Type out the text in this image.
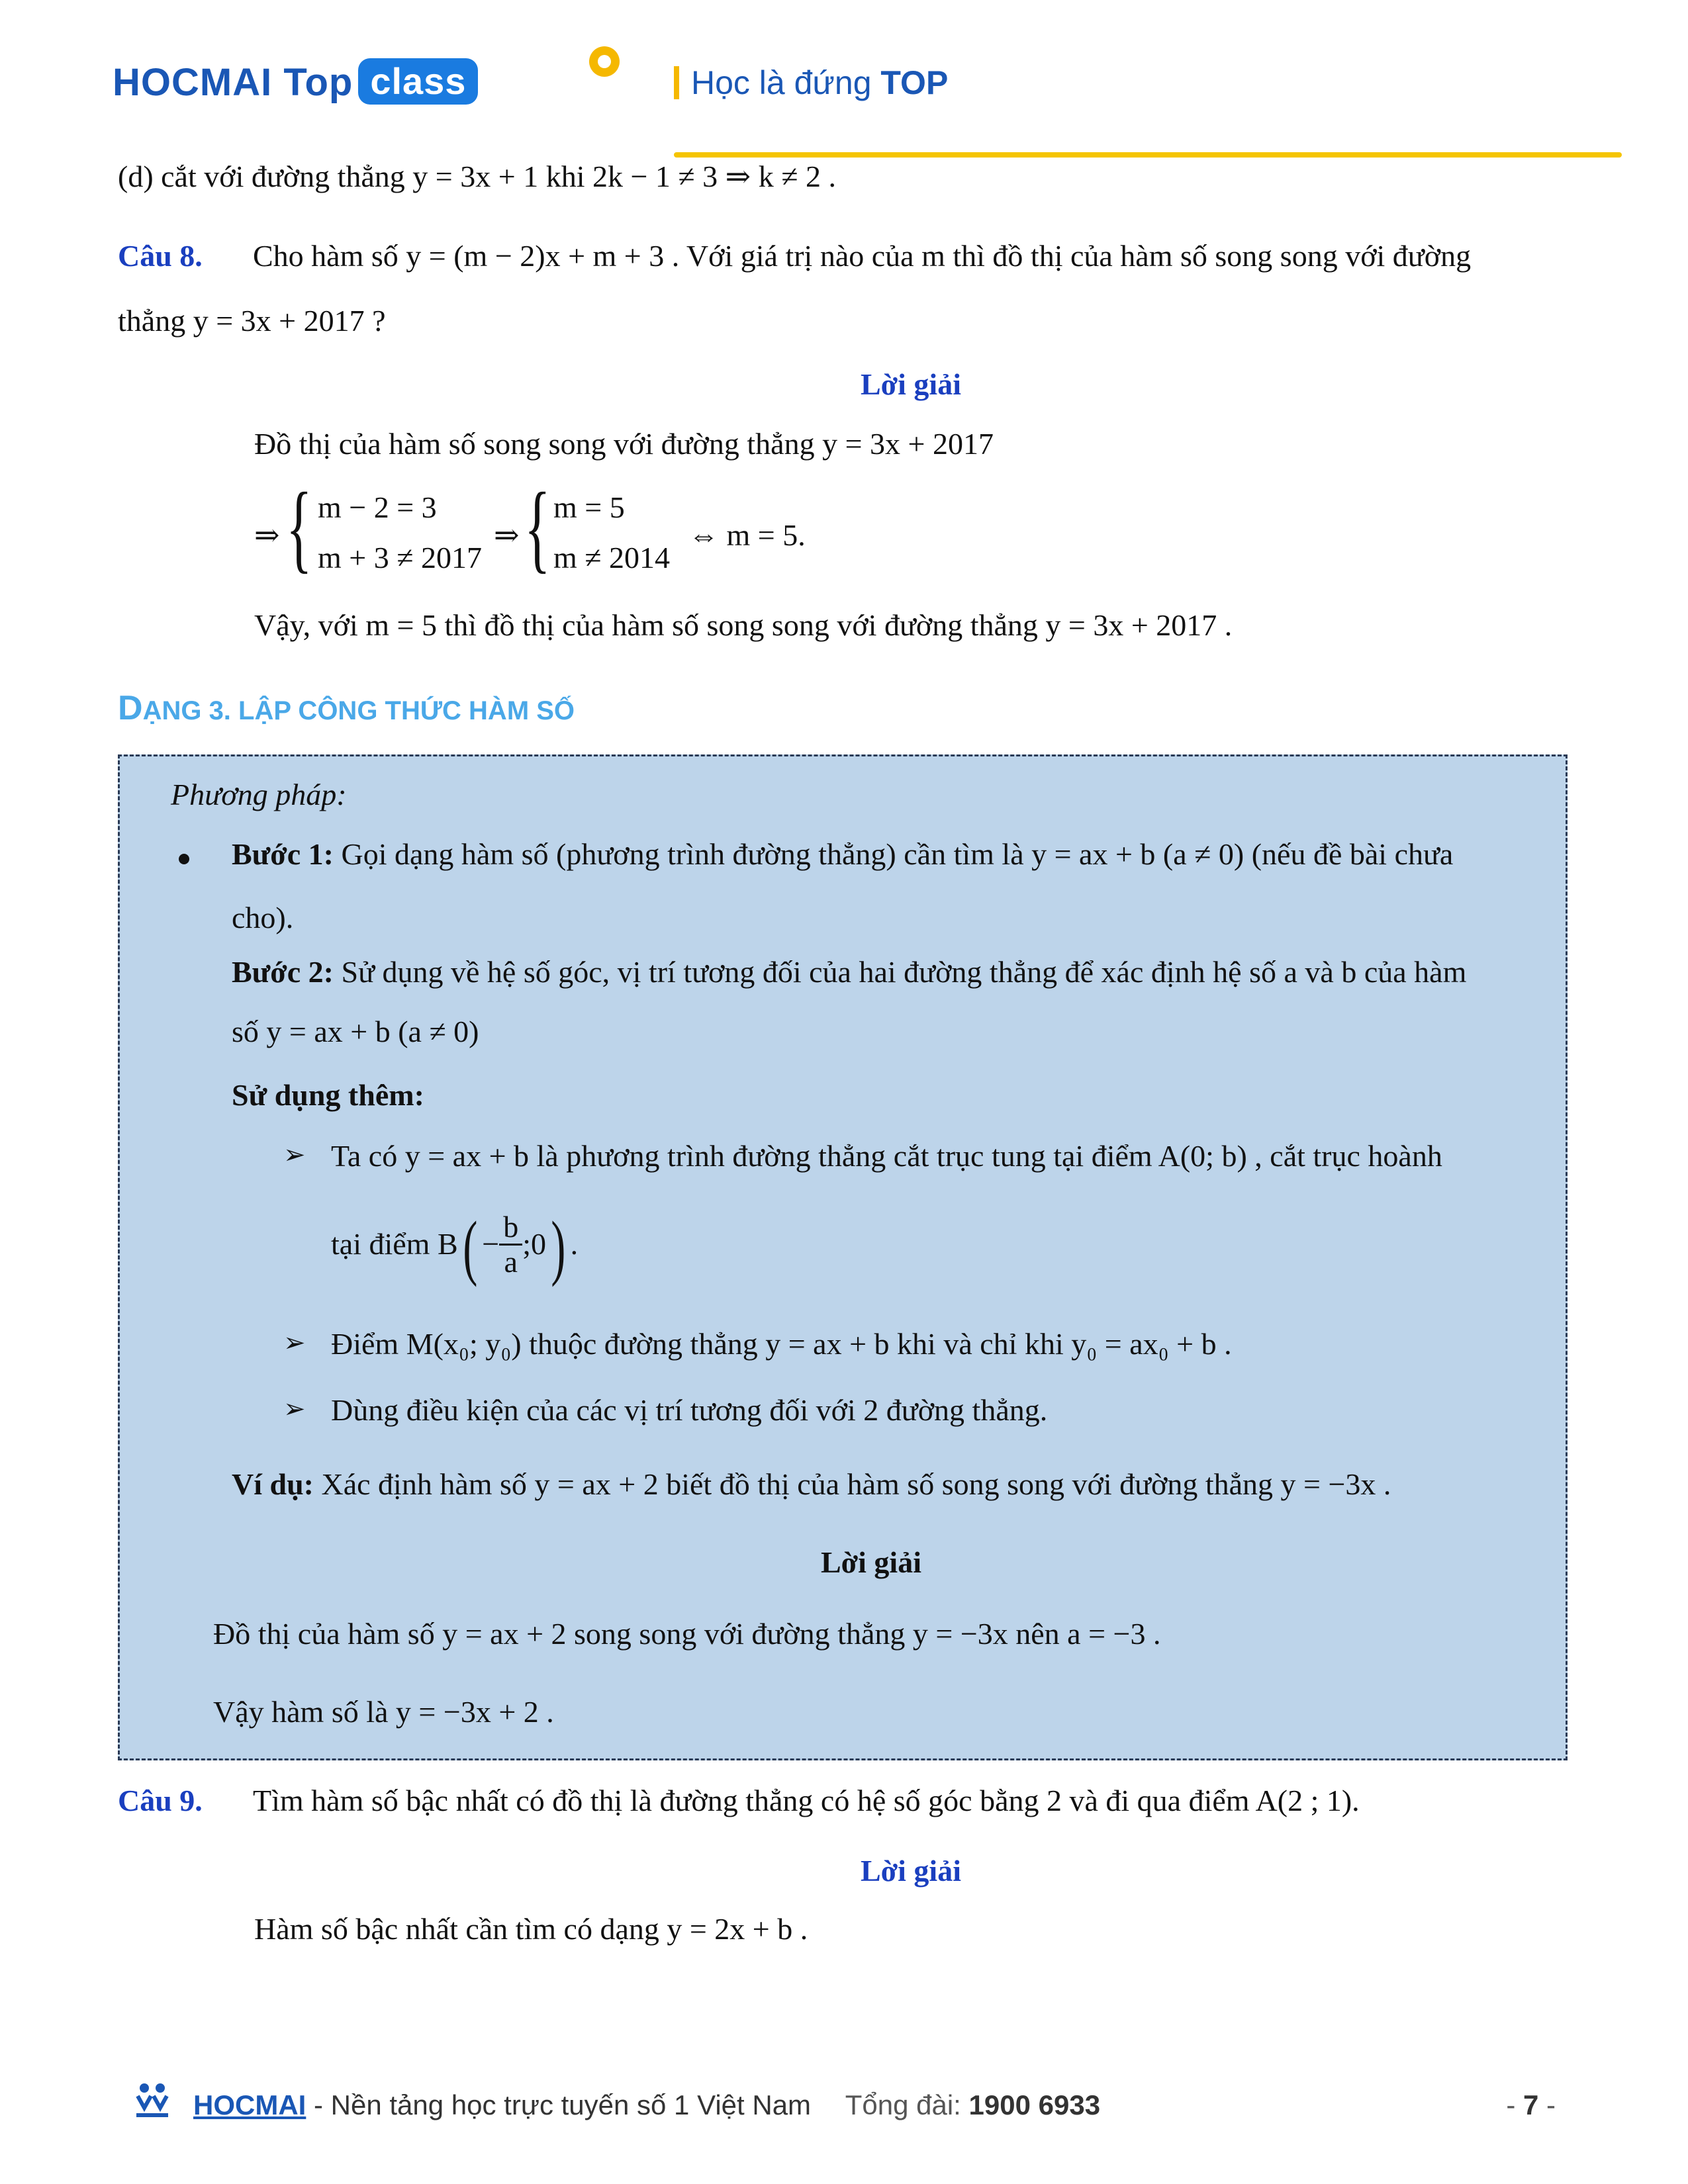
HOCMAI Top class	Học là đứng TOP
(d) cắt với đường thẳng y = 3x + 1 khi 2k − 1 ≠ 3 ⇒ k ≠ 2 .
Câu 8. Cho hàm số y = (m − 2)x + m + 3 . Với giá trị nào của m thì đồ thị của hàm số song song với đường
thẳng y = 3x + 2017 ?
Lời giải
Đồ thị của hàm số song song với đường thẳng y = 3x + 2017
⇒ { m − 2 = 3
m + 3 ≠ 2017
⇒ { m = 5
m ≠ 2014
⇔ m = 5.
Vậy, với m = 5 thì đồ thị của hàm số song song với đường thẳng y = 3x + 2017 .
DẠNG 3. LẬP CÔNG THỨC HÀM SỐ
Phương pháp:
Bước 1: Gọi dạng hàm số (phương trình đường thẳng) cần tìm là y = ax + b (a ≠ 0) (nếu đề bài chưa
cho).
Bước 2: Sử dụng về hệ số góc, vị trí tương đối của hai đường thẳng để xác định hệ số a và b của hàm
số y = ax + b (a ≠ 0)
Sử dụng thêm:
➢ Ta có y = ax + b là phương trình đường thẳng cắt trục tung tại điểm A(0; b) , cắt trục hoành
tại điểm $B( - \frac{b}{a}$ ;0) .
➢ Điểm M(x₀; y₀) thuộc đường thẳng y = ax + b khi và chỉ khi y₀ = ax₀ + b .
➢ Dùng điều kiện của các vị trí tương đối với 2 đường thẳng.
Ví dụ: Xác định hàm số y = ax + 2 biết đồ thị của hàm số song song với đường thẳng y = −3x .
Lời giải
Đồ thị của hàm số y = ax + 2 song song với đường thẳng y = −3x nên a = −3 .
Vậy hàm số là y = −3x + 2 .
Câu 9. Tìm hàm số bậc nhất có đồ thị là đường thẳng có hệ số góc bằng 2 và đi qua điểm A(2 ; 1).
Lời giải
Hàm số bậc nhất cần tìm có dạng y = 2x + b .
HOCMAI - Nền tảng học trực tuyến số 1 Việt Nam Tổng đài: 1900 6933	- 7 -
